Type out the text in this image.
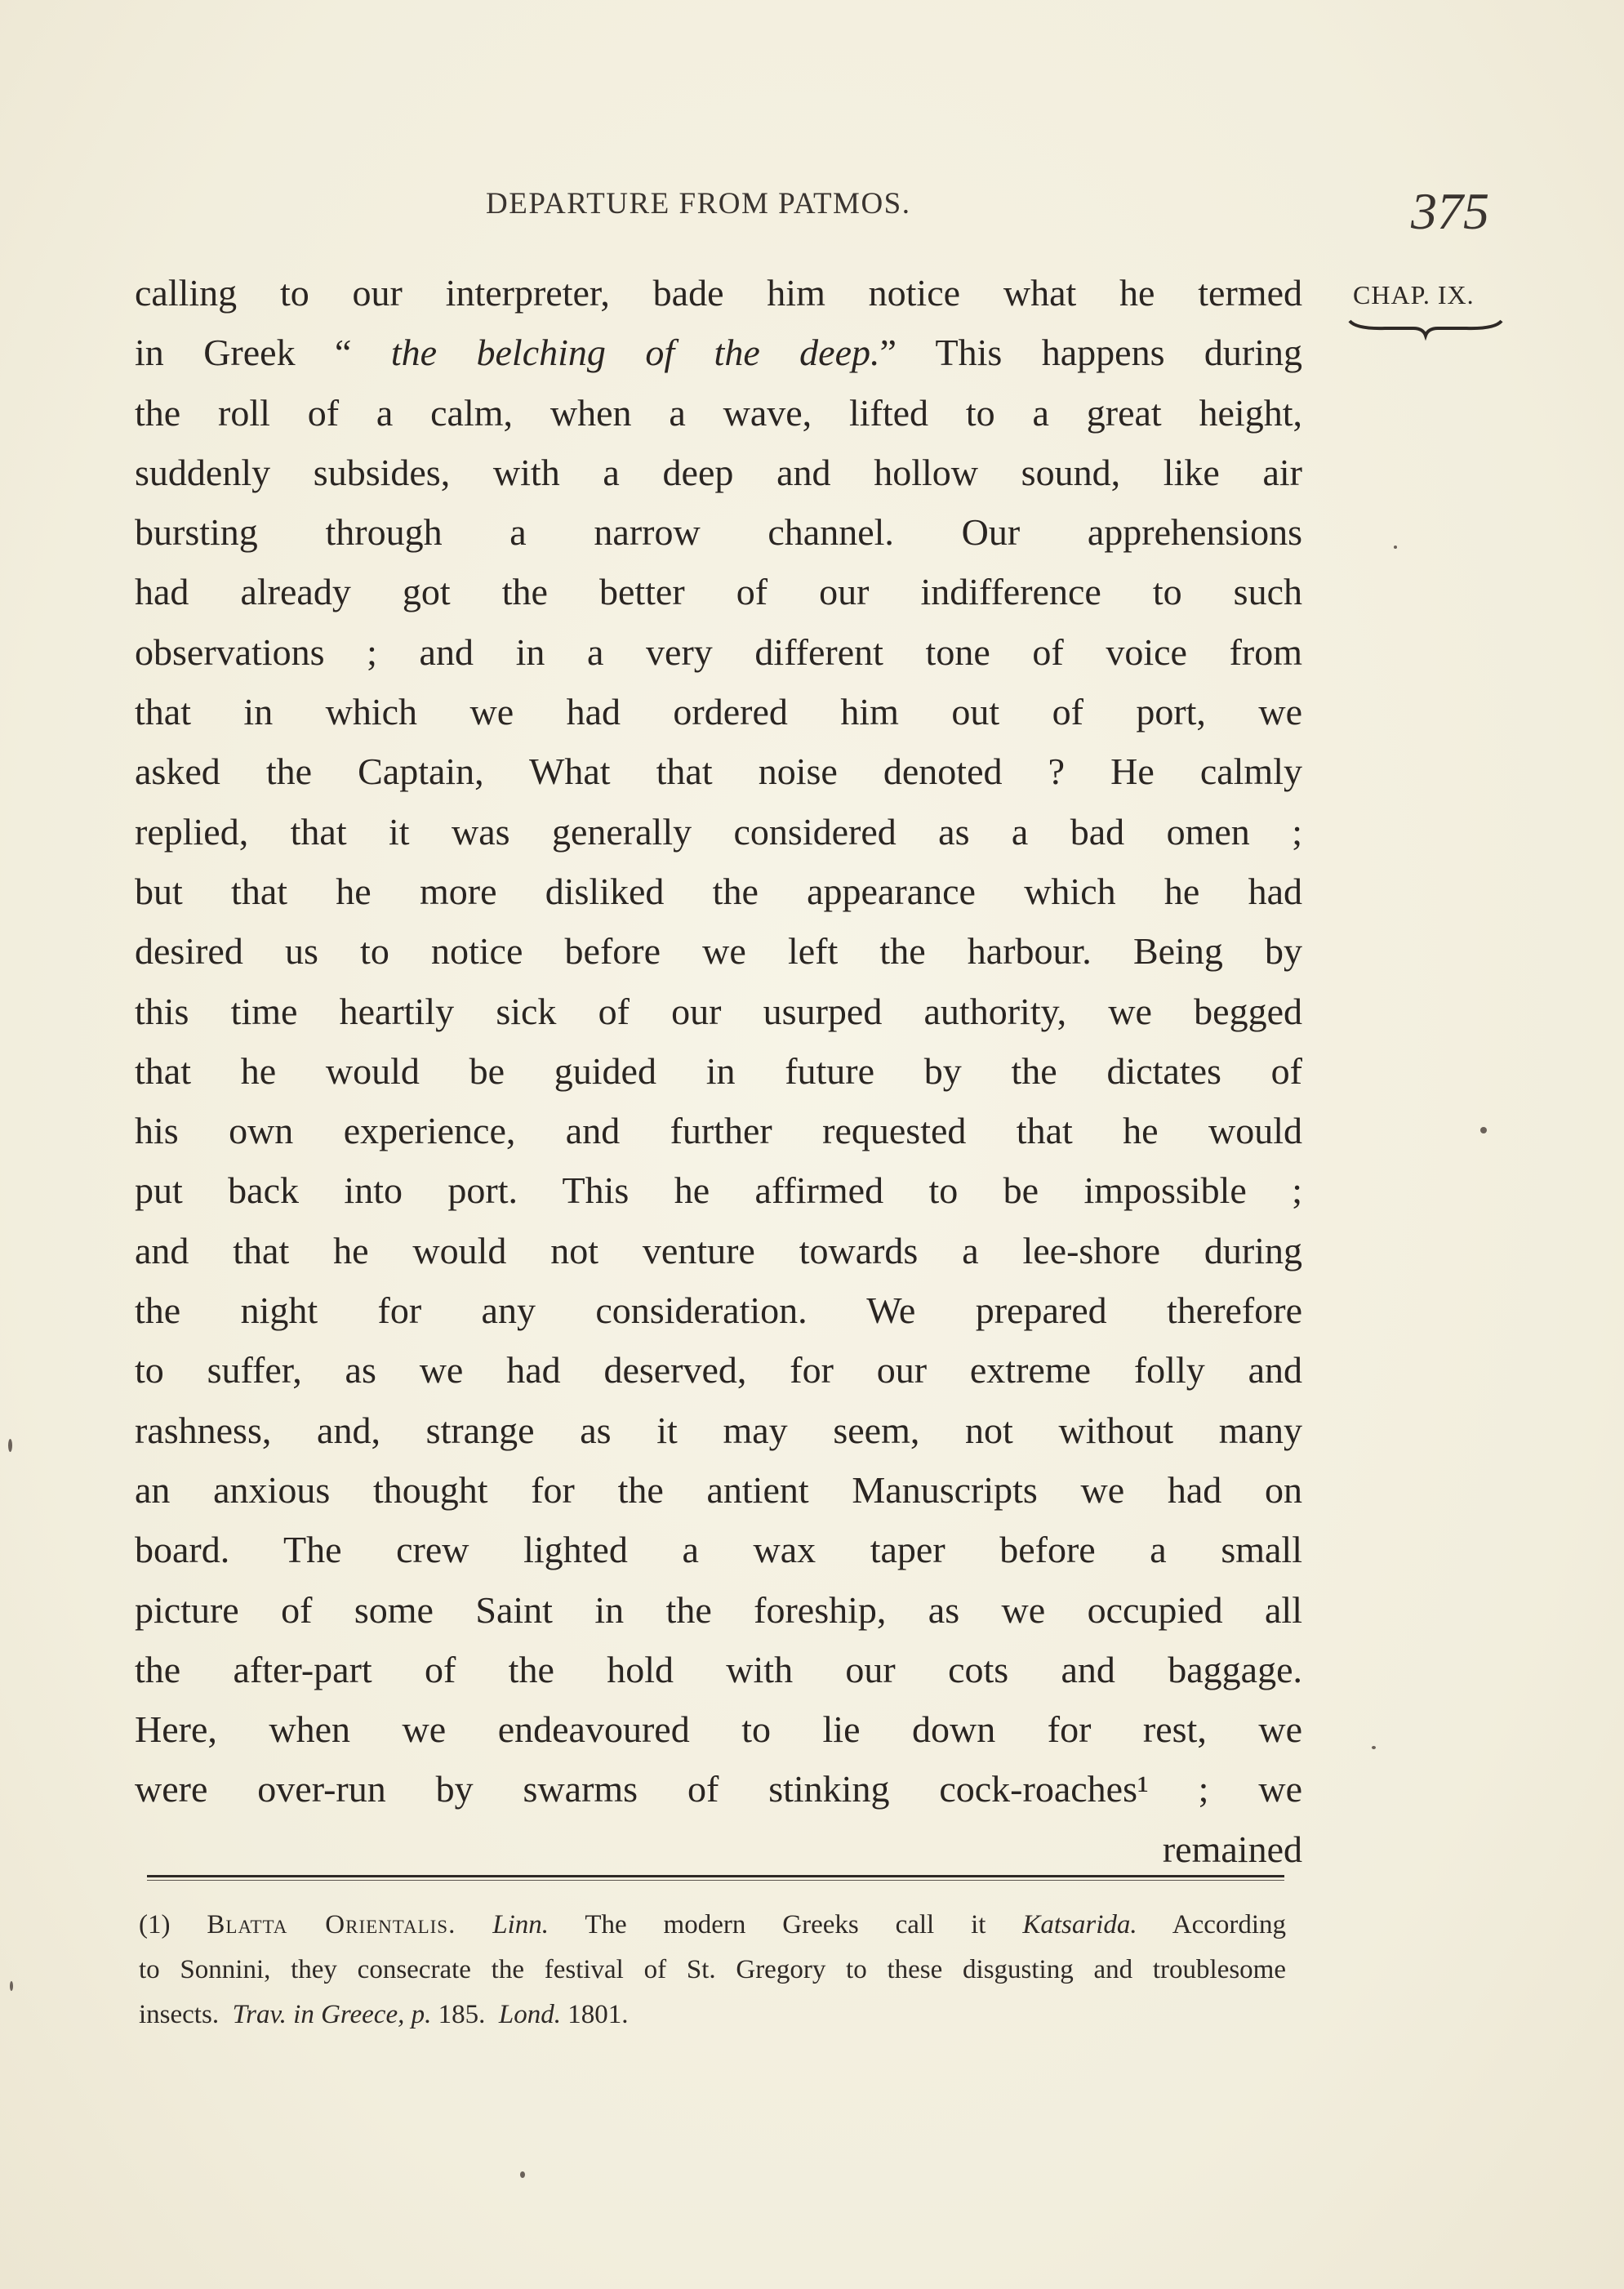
DEPARTURE FROM PATMOS.	375
CHAP. IX.
calling to our interpreter, bade him notice what he termed
in Greek “ the belching of the deep.” This happens during
the roll of a calm, when a wave, lifted to a great height,
suddenly subsides, with a deep and hollow sound, like air
bursting through a narrow channel. Our apprehensions
had already got the better of our indifference to such
observations ; and in a very different tone of voice from
that in which we had ordered him out of port, we
asked the Captain, What that noise denoted ? He calmly
replied, that it was generally considered as a bad omen ;
but that he more disliked the appearance which he had
desired us to notice before we left the harbour. Being by
this time heartily sick of our usurped authority, we begged
that he would be guided in future by the dictates of
his own experience, and further requested that he would
put back into port. This he affirmed to be impossible ;
and that he would not venture towards a lee-shore during
the night for any consideration. We prepared therefore
to suffer, as we had deserved, for our extreme folly and
rashness, and, strange as it may seem, not without many
an anxious thought for the antient Manuscripts we had on
board. The crew lighted a wax taper before a small
picture of some Saint in the foreship, as we occupied all
the after-part of the hold with our cots and baggage.
Here, when we endeavoured to lie down for rest, we
were over-run by swarms of stinking cock-roaches¹ ; we
remained
(1) Blatta Orientalis. Linn. The modern Greeks call it Katsarida. According
to Sonnini, they consecrate the festival of St. Gregory to these disgusting and troublesome
insects. Trav. in Greece, p. 185. Lond. 1801.
